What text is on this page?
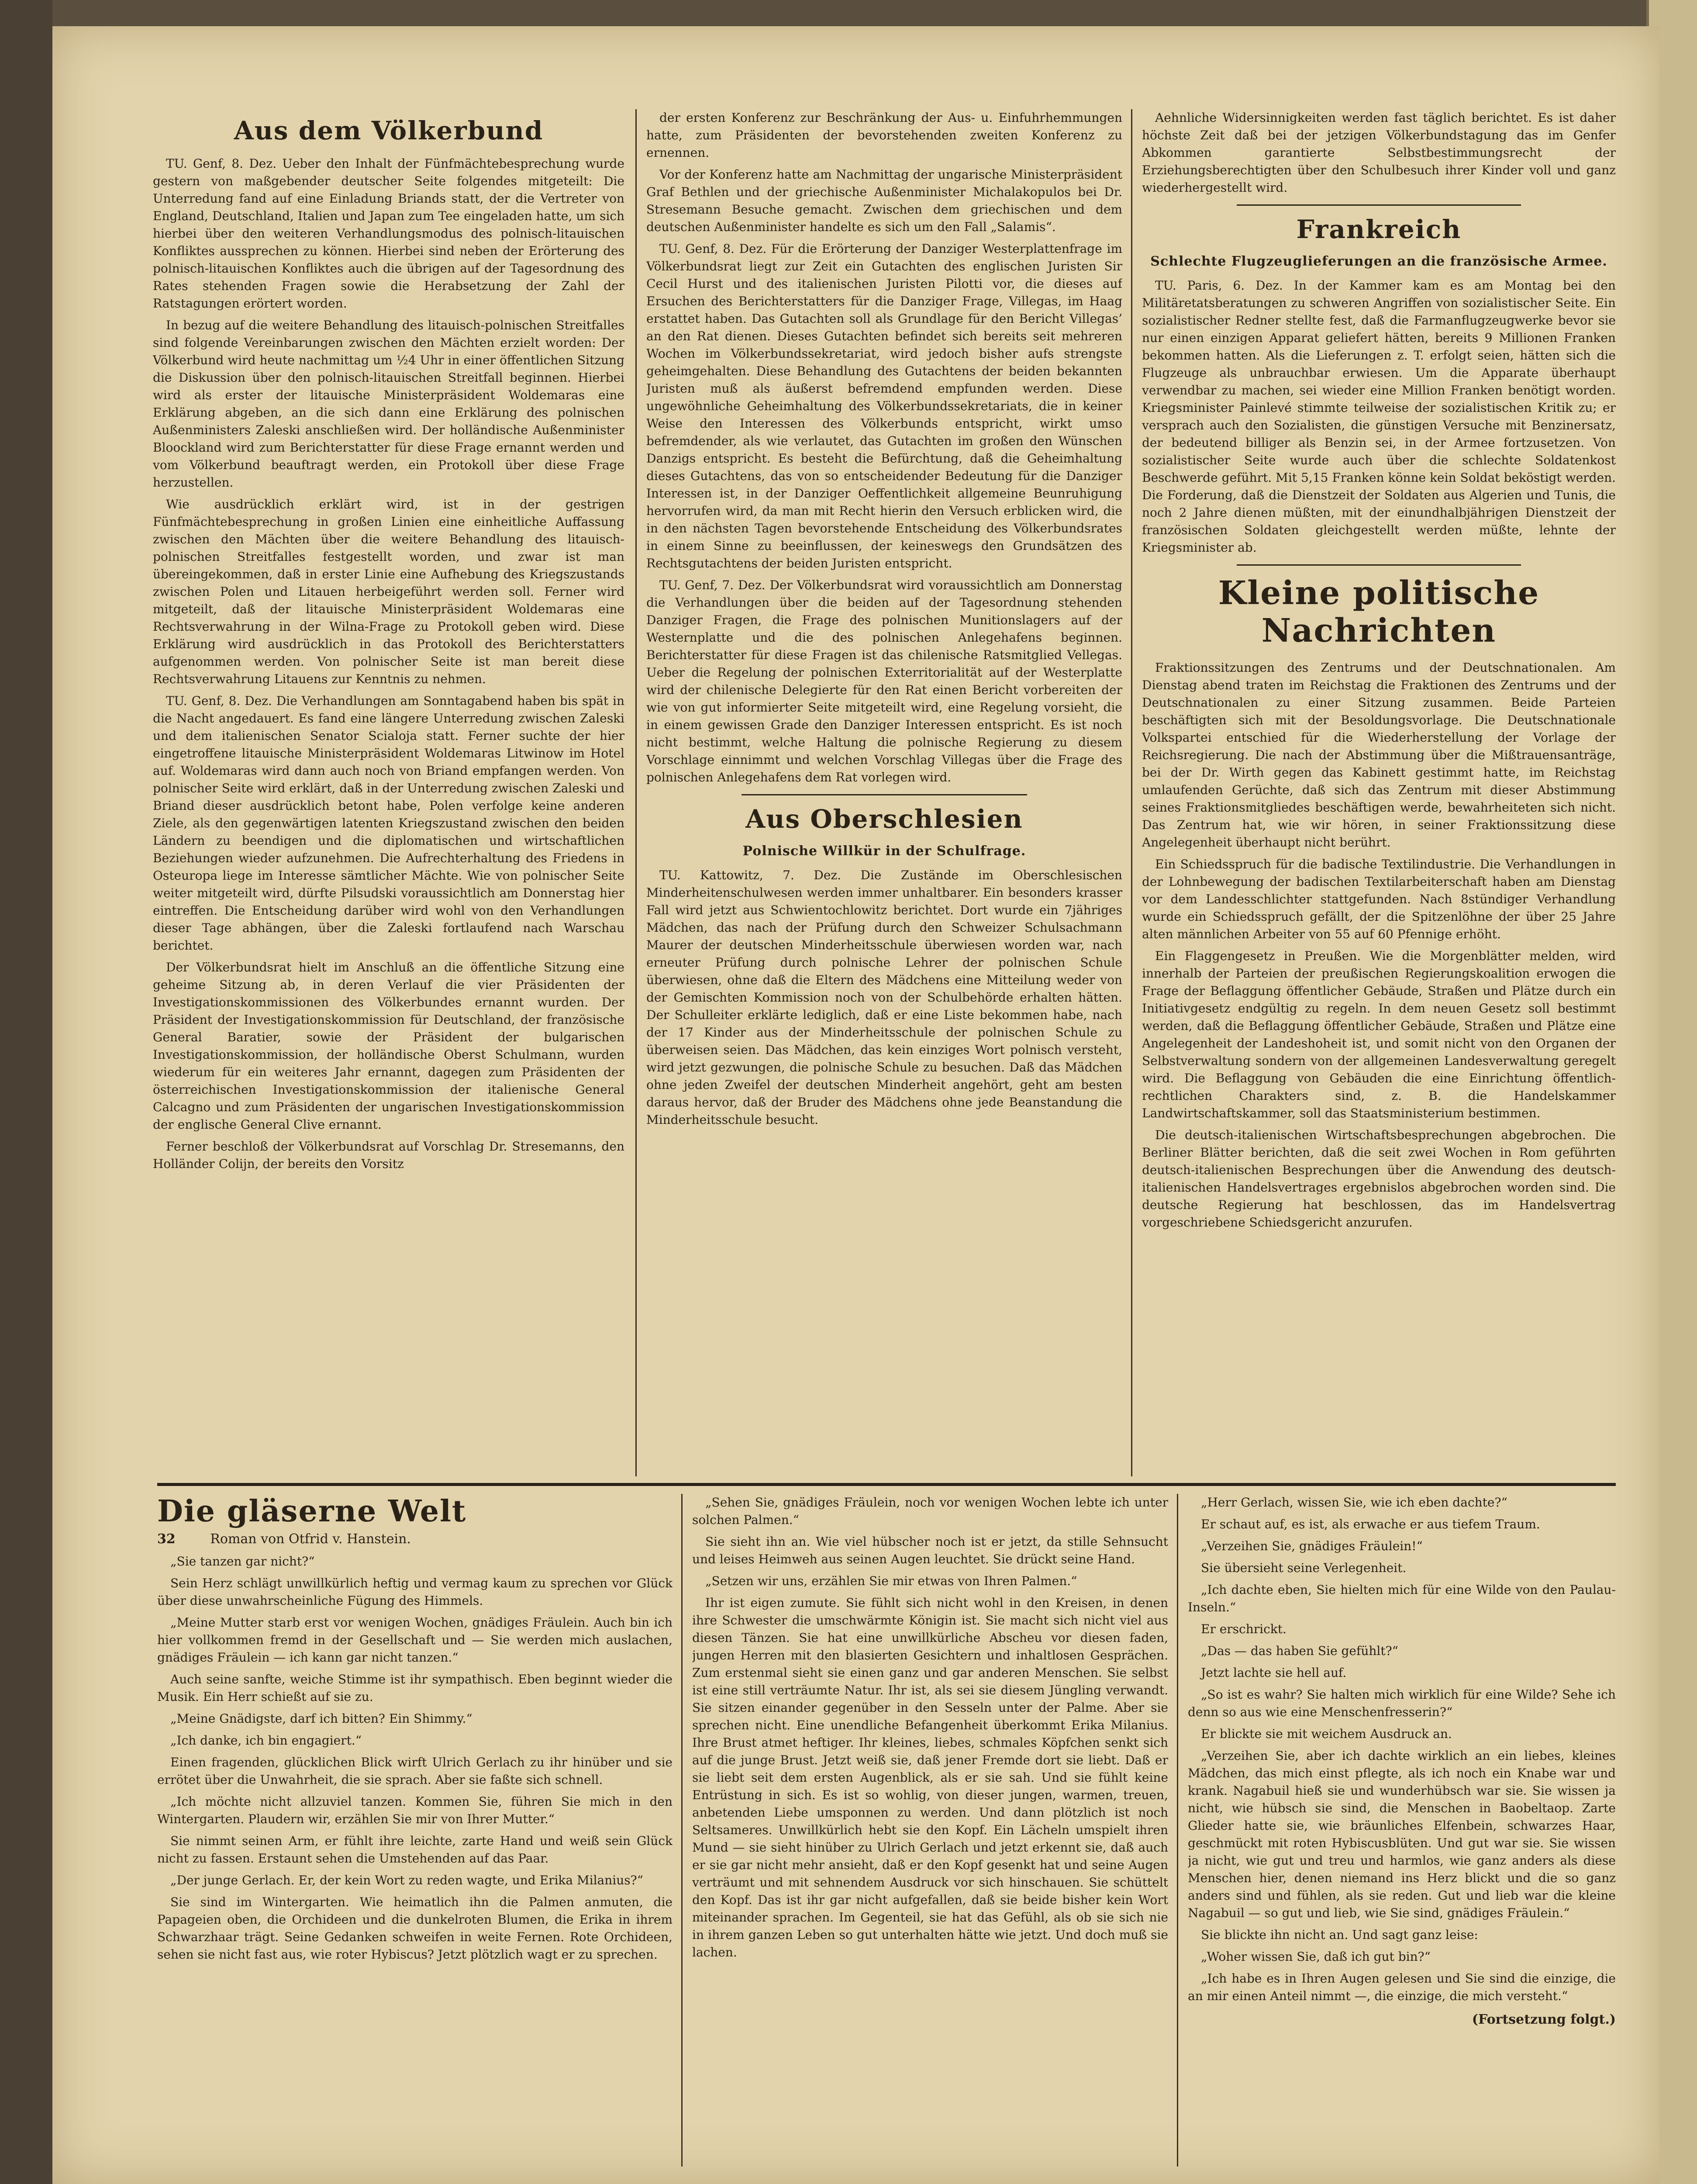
Aus dem Völkerbund

TU. Genf, 8. Dez. Ueber den Inhalt der Fünfmächtebesprechung wurde gestern von maßgebender deutscher Seite folgendes mitgeteilt: Die Unterredung fand auf eine Einladung Briands statt, der die Vertreter von England, Deutschland, Italien und Japan zum Tee eingeladen hatte, um sich hierbei über den weiteren Verhandlungsmodus des polnisch-litauischen Konfliktes aussprechen zu können. Hierbei sind neben der Erörterung des polnisch-litauischen Konfliktes auch die übrigen auf der Tagesordnung des Rates stehenden Fragen sowie die Herabsetzung der Zahl der Ratstagungen erörtert worden.

In bezug auf die weitere Behandlung des litauisch-polnischen Streitfalles sind folgende Vereinbarungen zwischen den Mächten erzielt worden: Der Völkerbund wird heute nachmittag um ½4 Uhr in einer öffentlichen Sitzung die Diskussion über den polnisch-litauischen Streitfall beginnen. Hierbei wird als erster der litauische Ministerpräsident Woldemaras eine Erklärung abgeben, an die sich dann eine Erklärung des polnischen Außenministers Zaleski anschließen wird. Der holländische Außenminister Bloockland wird zum Berichterstatter für diese Frage ernannt werden und vom Völkerbund beauftragt werden, ein Protokoll über diese Frage herzustellen.

Wie ausdrücklich erklärt wird, ist in der gestrigen Fünfmächtebesprechung in großen Linien eine einheitliche Auffassung zwischen den Mächten über die weitere Behandlung des litauisch-polnischen Streitfalles festgestellt worden, und zwar ist man übereingekommen, daß in erster Linie eine Aufhebung des Kriegszustands zwischen Polen und Litauen herbeigeführt werden soll. Ferner wird mitgeteilt, daß der litauische Ministerpräsident Woldemaras eine Rechtsverwahrung in der Wilna-Frage zu Protokoll geben wird. Diese Erklärung wird ausdrücklich in das Protokoll des Berichterstatters aufgenommen werden. Von polnischer Seite ist man bereit diese Rechtsverwahrung Litauens zur Kenntnis zu nehmen.

TU. Genf, 8. Dez. Die Verhandlungen am Sonntagabend haben bis spät in die Nacht angedauert. Es fand eine längere Unterredung zwischen Zaleski und dem italienischen Senator Scialoja statt. Ferner suchte der hier eingetroffene litauische Ministerpräsident Woldemaras Litwinow im Hotel auf. Woldemaras wird dann auch noch von Briand empfangen werden. Von polnischer Seite wird erklärt, daß in der Unterredung zwischen Zaleski und Briand dieser ausdrücklich betont habe, Polen verfolge keine anderen Ziele, als den gegenwärtigen latenten Kriegszustand zwischen den beiden Ländern zu beendigen und die diplomatischen und wirtschaftlichen Beziehungen wieder aufzunehmen. Die Aufrechterhaltung des Friedens in Osteuropa liege im Interesse sämtlicher Mächte. Wie von polnischer Seite weiter mitgeteilt wird, dürfte Pilsudski voraussichtlich am Donnerstag hier eintreffen. Die Entscheidung darüber wird wohl von den Verhandlungen dieser Tage abhängen, über die Zaleski fortlaufend nach Warschau berichtet.

Der Völkerbundsrat hielt im Anschluß an die öffentliche Sitzung eine geheime Sitzung ab, in deren Verlauf die vier Präsidenten der Investigationskommissionen des Völkerbundes ernannt wurden. Der Präsident der Investigationskommission für Deutschland, der französische General Baratier, sowie der Präsident der bulgarischen Investigationskommission, der holländische Oberst Schulmann, wurden wiederum für ein weiteres Jahr ernannt, dagegen zum Präsidenten der österreichischen Investigationskommission der italienische General Calcagno und zum Präsidenten der ungarischen Investigationskommission der englische General Clive ernannt.

Ferner beschloß der Völkerbundsrat auf Vorschlag Dr. Stresemanns, den Holländer Colijn, der bereits den Vorsitz

der ersten Konferenz zur Beschränkung der Aus- u. Einfuhrhemmungen hatte, zum Präsidenten der bevorstehenden zweiten Konferenz zu ernennen.

Vor der Konferenz hatte am Nachmittag der ungarische Ministerpräsident Graf Bethlen und der griechische Außenminister Michalakopulos bei Dr. Stresemann Besuche gemacht. Zwischen dem griechischen und dem deutschen Außenminister handelte es sich um den Fall „Salamis“.

TU. Genf, 8. Dez. Für die Erörterung der Danziger Westerplattenfrage im Völkerbundsrat liegt zur Zeit ein Gutachten des englischen Juristen Sir Cecil Hurst und des italienischen Juristen Pilotti vor, die dieses auf Ersuchen des Berichterstatters für die Danziger Frage, Villegas, im Haag erstattet haben. Das Gutachten soll als Grundlage für den Bericht Villegas’ an den Rat dienen. Dieses Gutachten befindet sich bereits seit mehreren Wochen im Völkerbundssekretariat, wird jedoch bisher aufs strengste geheimgehalten. Diese Behandlung des Gutachtens der beiden bekannten Juristen muß als äußerst befremdend empfunden werden. Diese ungewöhnliche Geheimhaltung des Völkerbundssekretariats, die in keiner Weise den Interessen des Völkerbunds entspricht, wirkt umso befremdender, als wie verlautet, das Gutachten im großen den Wünschen Danzigs entspricht. Es besteht die Befürchtung, daß die Geheimhaltung dieses Gutachtens, das von so entscheidender Bedeutung für die Danziger Interessen ist, in der Danziger Oeffentlichkeit allgemeine Beunruhigung hervorrufen wird, da man mit Recht hierin den Versuch erblicken wird, die in den nächsten Tagen bevorstehende Entscheidung des Völkerbundsrates in einem Sinne zu beeinflussen, der keineswegs den Grundsätzen des Rechtsgutachtens der beiden Juristen entspricht.

TU. Genf, 7. Dez. Der Völkerbundsrat wird voraussichtlich am Donnerstag die Verhandlungen über die beiden auf der Tagesordnung stehenden Danziger Fragen, die Frage des polnischen Munitionslagers auf der Westernplatte und die des polnischen Anlegehafens beginnen. Berichterstatter für diese Fragen ist das chilenische Ratsmitglied Vellegas. Ueber die Regelung der polnischen Exterritorialität auf der Westerplatte wird der chilenische Delegierte für den Rat einen Bericht vorbereiten der wie von gut informierter Seite mitgeteilt wird, eine Regelung vorsieht, die in einem gewissen Grade den Danziger Interessen entspricht. Es ist noch nicht bestimmt, welche Haltung die polnische Regierung zu diesem Vorschlage einnimmt und welchen Vorschlag Villegas über die Frage des polnischen Anlegehafens dem Rat vorlegen wird.

Aus Oberschlesien
Polnische Willkür in der Schulfrage.

TU. Kattowitz, 7. Dez. Die Zustände im Oberschlesischen Minderheitenschulwesen werden immer unhaltbarer. Ein besonders krasser Fall wird jetzt aus Schwientochlowitz berichtet. Dort wurde ein 7jähriges Mädchen, das nach der Prüfung durch den Schweizer Schulsachmann Maurer der deutschen Minderheitsschule überwiesen worden war, nach erneuter Prüfung durch polnische Lehrer der polnischen Schule überwiesen, ohne daß die Eltern des Mädchens eine Mitteilung weder von der Gemischten Kommission noch von der Schulbehörde erhalten hätten. Der Schulleiter erklärte lediglich, daß er eine Liste bekommen habe, nach der 17 Kinder aus der Minderheitsschule der polnischen Schule zu überweisen seien. Das Mädchen, das kein einziges Wort polnisch versteht, wird jetzt gezwungen, die polnische Schule zu besuchen. Daß das Mädchen ohne jeden Zweifel der deutschen Minderheit angehört, geht am besten daraus hervor, daß der Bruder des Mädchens ohne jede Beanstandung die Minderheitsschule besucht.

Aehnliche Widersinnigkeiten werden fast täglich berichtet. Es ist daher höchste Zeit daß bei der jetzigen Völkerbundstagung das im Genfer Abkommen garantierte Selbstbestimmungsrecht der Erziehungsberechtigten über den Schulbesuch ihrer Kinder voll und ganz wiederhergestellt wird.

Frankreich
Schlechte Flugzeuglieferungen an die französische Armee.

TU. Paris, 6. Dez. In der Kammer kam es am Montag bei den Militäretatsberatungen zu schweren Angriffen von sozialistischer Seite. Ein sozialistischer Redner stellte fest, daß die Farmanflugzeugwerke bevor sie nur einen einzigen Apparat geliefert hätten, bereits 9 Millionen Franken bekommen hatten. Als die Lieferungen z. T. erfolgt seien, hätten sich die Flugzeuge als unbrauchbar erwiesen. Um die Apparate überhaupt verwendbar zu machen, sei wieder eine Million Franken benötigt worden. Kriegsminister Painlevé stimmte teilweise der sozialistischen Kritik zu; er versprach auch den Sozialisten, die günstigen Versuche mit Benzinersatz, der bedeutend billiger als Benzin sei, in der Armee fortzusetzen. Von sozialistischer Seite wurde auch über die schlechte Soldatenkost Beschwerde geführt. Mit 5,15 Franken könne kein Soldat beköstigt werden. Die Forderung, daß die Dienstzeit der Soldaten aus Algerien und Tunis, die noch 2 Jahre dienen müßten, mit der einundhalbjährigen Dienstzeit der französischen Soldaten gleichgestellt werden müßte, lehnte der Kriegsminister ab.

Kleine politische Nachrichten

Fraktionssitzungen des Zentrums und der Deutschnationalen. Am Dienstag abend traten im Reichstag die Fraktionen des Zentrums und der Deutschnationalen zu einer Sitzung zusammen. Beide Parteien beschäftigten sich mit der Besoldungsvorlage. Die Deutschnationale Volkspartei entschied für die Wiederherstellung der Vorlage der Reichsregierung. Die nach der Abstimmung über die Mißtrauensanträge, bei der Dr. Wirth gegen das Kabinett gestimmt hatte, im Reichstag umlaufenden Gerüchte, daß sich das Zentrum mit dieser Abstimmung seines Fraktionsmitgliedes beschäftigen werde, bewahrheiteten sich nicht. Das Zentrum hat, wie wir hören, in seiner Fraktionssitzung diese Angelegenheit überhaupt nicht berührt.

Ein Schiedsspruch für die badische Textilindustrie. Die Verhandlungen in der Lohnbewegung der badischen Textilarbeiterschaft haben am Dienstag vor dem Landesschlichter stattgefunden. Nach 8stündiger Verhandlung wurde ein Schiedsspruch gefällt, der die Spitzenlöhne der über 25 Jahre alten männlichen Arbeiter von 55 auf 60 Pfennige erhöht.

Ein Flaggengesetz in Preußen. Wie die Morgenblätter melden, wird innerhalb der Parteien der preußischen Regierungskoalition erwogen die Frage der Beflaggung öffentlicher Gebäude, Straßen und Plätze durch ein Initiativgesetz endgültig zu regeln. In dem neuen Gesetz soll bestimmt werden, daß die Beflaggung öffentlicher Gebäude, Straßen und Plätze eine Angelegenheit der Landeshoheit ist, und somit nicht von den Organen der Selbstverwaltung sondern von der allgemeinen Landesverwaltung geregelt wird. Die Beflaggung von Gebäuden die eine Einrichtung öffentlich-rechtlichen Charakters sind, z. B. die Handelskammer Landwirtschaftskammer, soll das Staatsministerium bestimmen.

Die deutsch-italienischen Wirtschaftsbesprechungen abgebrochen. Die Berliner Blätter berichten, daß die seit zwei Wochen in Rom geführten deutsch-italienischen Besprechungen über die Anwendung des deutsch-italienischen Handelsvertrages ergebnislos abgebrochen worden sind. Die deutsche Regierung hat beschlossen, das im Handelsvertrag vorgeschriebene Schiedsgericht anzurufen.

Die gläserne Welt
32	Roman von Otfrid v. Hanstein.

„Sie tanzen gar nicht?“

Sein Herz schlägt unwillkürlich heftig und vermag kaum zu sprechen vor Glück über diese unwahrscheinliche Fügung des Himmels.

„Meine Mutter starb erst vor wenigen Wochen, gnädiges Fräulein. Auch bin ich hier vollkommen fremd in der Gesellschaft und — Sie werden mich auslachen, gnädiges Fräulein — ich kann gar nicht tanzen.“

Auch seine sanfte, weiche Stimme ist ihr sympathisch. Eben beginnt wieder die Musik. Ein Herr schießt auf sie zu.

„Meine Gnädigste, darf ich bitten? Ein Shimmy.“

„Ich danke, ich bin engagiert.“

Einen fragenden, glücklichen Blick wirft Ulrich Gerlach zu ihr hinüber und sie errötet über die Unwahrheit, die sie sprach. Aber sie faßte sich schnell.

„Ich möchte nicht allzuviel tanzen. Kommen Sie, führen Sie mich in den Wintergarten. Plaudern wir, erzählen Sie mir von Ihrer Mutter.“

Sie nimmt seinen Arm, er fühlt ihre leichte, zarte Hand und weiß sein Glück nicht zu fassen. Erstaunt sehen die Umstehenden auf das Paar.

„Der junge Gerlach. Er, der kein Wort zu reden wagte, und Erika Milanius?“

Sie sind im Wintergarten. Wie heimatlich ihn die Palmen anmuten, die Papageien oben, die Orchideen und die dunkelroten Blumen, die Erika in ihrem Schwarzhaar trägt. Seine Gedanken schweifen in weite Fernen. Rote Orchideen, sehen sie nicht fast aus, wie roter Hybiscus? Jetzt plötzlich wagt er zu sprechen.

„Sehen Sie, gnädiges Fräulein, noch vor wenigen Wochen lebte ich unter solchen Palmen.“

Sie sieht ihn an. Wie viel hübscher noch ist er jetzt, da stille Sehnsucht und leises Heimweh aus seinen Augen leuchtet. Sie drückt seine Hand.

„Setzen wir uns, erzählen Sie mir etwas von Ihren Palmen.“

Ihr ist eigen zumute. Sie fühlt sich nicht wohl in den Kreisen, in denen ihre Schwester die umschwärmte Königin ist. Sie macht sich nicht viel aus diesen Tänzen. Sie hat eine unwillkürliche Abscheu vor diesen faden, jungen Herren mit den blasierten Gesichtern und inhaltlosen Gesprächen. Zum erstenmal sieht sie einen ganz und gar anderen Menschen. Sie selbst ist eine still verträumte Natur. Ihr ist, als sei sie diesem Jüngling verwandt. Sie sitzen einander gegenüber in den Sesseln unter der Palme. Aber sie sprechen nicht. Eine unendliche Befangenheit überkommt Erika Milanius. Ihre Brust atmet heftiger. Ihr kleines, liebes, schmales Köpfchen senkt sich auf die junge Brust. Jetzt weiß sie, daß jener Fremde dort sie liebt. Daß er sie liebt seit dem ersten Augenblick, als er sie sah. Und sie fühlt keine Entrüstung in sich. Es ist so wohlig, von dieser jungen, warmen, treuen, anbetenden Liebe umsponnen zu werden. Und dann plötzlich ist noch Seltsameres. Unwillkürlich hebt sie den Kopf. Ein Lächeln umspielt ihren Mund — sie sieht hinüber zu Ulrich Gerlach und jetzt erkennt sie, daß auch er sie gar nicht mehr ansieht, daß er den Kopf gesenkt hat und seine Augen verträumt und mit sehnendem Ausdruck vor sich hinschauen. Sie schüttelt den Kopf. Das ist ihr gar nicht aufgefallen, daß sie beide bisher kein Wort miteinander sprachen. Im Gegenteil, sie hat das Gefühl, als ob sie sich nie in ihrem ganzen Leben so gut unterhalten hätte wie jetzt. Und doch muß sie lachen.

„Herr Gerlach, wissen Sie, wie ich eben dachte?“

Er schaut auf, es ist, als erwache er aus tiefem Traum.

„Verzeihen Sie, gnädiges Fräulein!“

Sie übersieht seine Verlegenheit.

„Ich dachte eben, Sie hielten mich für eine Wilde von den Paulau-Inseln.“

Er erschrickt.

„Das — das haben Sie gefühlt?“

Jetzt lachte sie hell auf.

„So ist es wahr? Sie halten mich wirklich für eine Wilde? Sehe ich denn so aus wie eine Menschenfresserin?“

Er blickte sie mit weichem Ausdruck an.

„Verzeihen Sie, aber ich dachte wirklich an ein liebes, kleines Mädchen, das mich einst pflegte, als ich noch ein Knabe war und krank. Nagabuil hieß sie und wunderhübsch war sie. Sie wissen ja nicht, wie hübsch sie sind, die Menschen in Baobeltaop. Zarte Glieder hatte sie, wie bräunliches Elfenbein, schwarzes Haar, geschmückt mit roten Hybiscusblüten. Und gut war sie. Sie wissen ja nicht, wie gut und treu und harmlos, wie ganz anders als diese Menschen hier, denen niemand ins Herz blickt und die so ganz anders sind und fühlen, als sie reden. Gut und lieb war die kleine Nagabuil — so gut und lieb, wie Sie sind, gnädiges Fräulein.“

Sie blickte ihn nicht an. Und sagt ganz leise:

„Woher wissen Sie, daß ich gut bin?“

„Ich habe es in Ihren Augen gelesen und Sie sind die einzige, die an mir einen Anteil nimmt —, die einzige, die mich versteht.“

(Fortsetzung folgt.)
